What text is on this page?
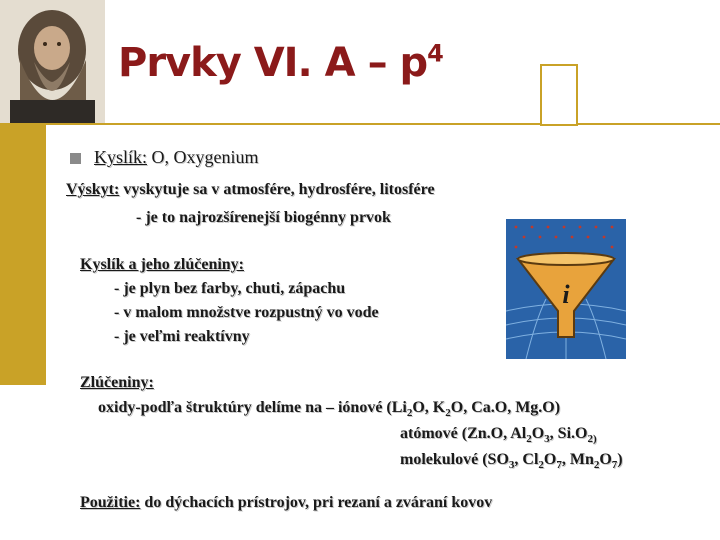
Prvky VI. A – $p^4$
Kyslík: O, Oxygenium
Výskyt: vyskytuje sa v atmosfére, hydrosfére, litosfére
- je to najrozšírenejší biogénny prvok
i
Kyslík a jeho zlúčeniny:
- je plyn bez farby, chuti, zápachu
- v malom množstve rozpustný vo vode
- je veľmi reaktívny
Zlúčeniny:
oxidy-podľa štruktúry delíme na – iónové ($Li_2O$, $K_2O$, Ca.O, Mg.O)
atómové (Zn.O, $Al_2O_3$, $Si.O_{2)}$
molekulové ($SO_3$, $Cl_2O_7$, $Mn_2O_7$)
Použitie: do dýchacích prístrojov, pri rezaní a zváraní kovov
